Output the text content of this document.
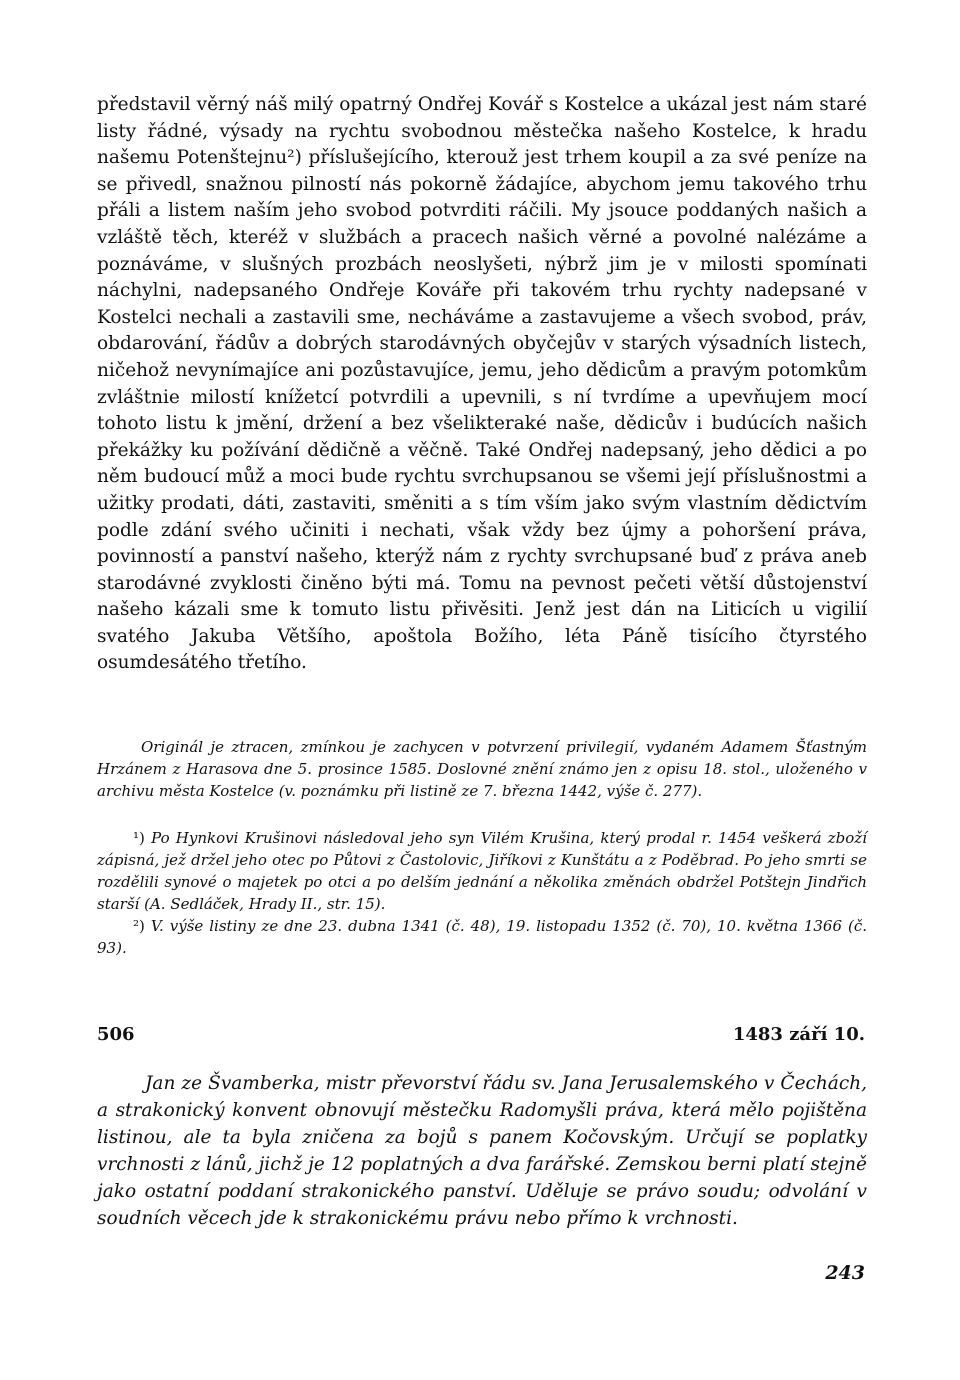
představil věrný náš milý opatrný Ondřej Kovář s Kostelce a ukázal jest nám staré listy řádné, výsady na rychtu svobodnou městečka našeho Kostelce, k hradu našemu Potenštejnu²) příslušejícího, kterouž jest trhem koupil a za své peníze na se přivedl, snažnou pilností nás pokorně žádajíce, abychom jemu takového trhu přáli a listem naším jeho svobod potvrditi ráčili. My jsouce poddaných našich a vzláště těch, kteréž v službách a pracech našich věrné a povolné nalézáme a poznáváme, v slušných prozbách neoslyšeti, nýbrž jim je v milosti spomínati náchylni, nadepsaného Ondřeje Kováře při takovém trhu rychty nadepsané v Kostelci nechali a zastavili sme, necháváme a zastavujeme a všech svobod, práv, obdarování, řádův a dobrých starodávných obyčejův v starých výsadních listech, ničehož nevynímajíce ani pozůstavujíce, jemu, jeho dědicům a pravým potomkům zvláštnie milostí knížetcí potvrdili a upevnili, s ní tvrdíme a upevňujem mocí tohoto listu k jmění, držení a bez všelikteraké naše, dědicův i budúcích našich překážky ku požívání dědičně a věčně. Také Ondřej nadepsaný, jeho dědici a po něm budoucí můž a moci bude rychtu svrchupsanou se všemi její příslušnostmi a užitky prodati, dáti, zastaviti, směniti a s tím vším jako svým vlastním dědictvím podle zdání svého učiniti i nechati, však vždy bez újmy a pohoršení práva, povinností a panství našeho, kterýž nám z rychty svrchupsané buď z práva aneb starodávné zvyklosti činěno býti má. Tomu na pevnost pečeti větší důstojenství našeho kázali sme k tomuto listu přivěsiti. Jenž jest dán na Liticích u vigilií svatého Jakuba Většího, apoštola Božího, léta Páně tisícího čtyrstého osumdesátého třetího.

Originál je ztracen, zmínkou je zachycen v potvrzení privilegií, vydaném Adamem Šťastným Hrzánem z Harasova dne 5. prosince 1585. Doslovné znění známo jen z opisu 18. stol., uloženého v archivu města Kostelce (v. poznámku při listině ze 7. března 1442, výše č. 277).

¹) Po Hynkovi Krušinovi následoval jeho syn Vilém Krušina, který prodal r. 1454 veškerá zboží zápisná, jež držel jeho otec po Půtovi z Častolovic, Jiříkovi z Kunštátu a z Poděbrad. Po jeho smrti se rozdělili synové o majetek po otci a po delším jednání a několika změnách obdržel Potštejn Jindřich starší (A. Sedláček, Hrady II., str. 15).

²) V. výše listiny ze dne 23. dubna 1341 (č. 48), 19. listopadu 1352 (č. 70), 10. května 1366 (č. 93).

506	1483 září 10.

Jan ze Švamberka, mistr převorství řádu sv. Jana Jerusalemského v Čechách, a strakonický konvent obnovují městečku Radomyšli práva, která mělo pojištěna listinou, ale ta byla zničena za bojů s panem Kočovským. Určují se poplatky vrchnosti z lánů, jichž je 12 poplatných a dva farářské. Zemskou berni platí stejně jako ostatní poddaní strakonického panství. Uděluje se právo soudu; odvolání v soudních věcech jde k strakonickému právu nebo přímo k vrchnosti.

243
